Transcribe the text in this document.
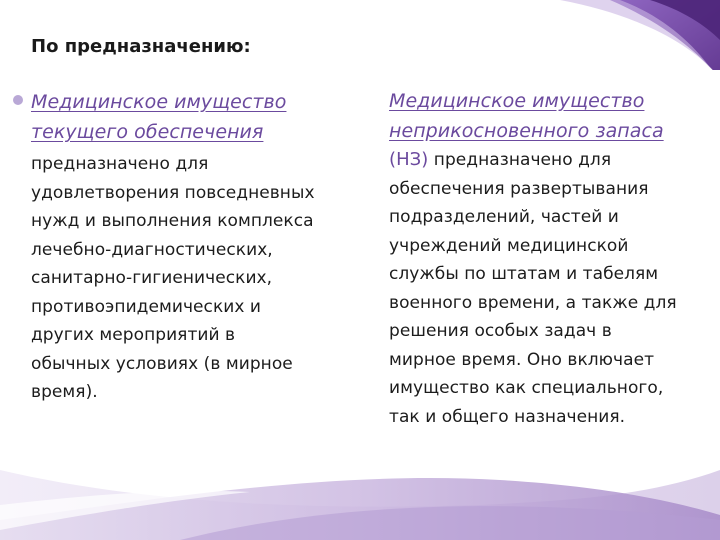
По предназначению:
Медицинское имущество
текущего обеспечения
предназначено для
удовлетворения повседневных
нужд и выполнения комплекса
лечебно-диагностических,
санитарно-гигиенических,
противоэпидемических и
других мероприятий в
обычных условиях (в мирное
время).
Медицинское имущество
неприкосновенного запаса
(НЗ) предназначено для
обеспечения развертывания
подразделений, частей и
учреждений медицинской
службы по штатам и табелям
военного времени, а также для
решения особых задач в
мирное время. Оно включает
имущество как специального,
так и общего назначения.
